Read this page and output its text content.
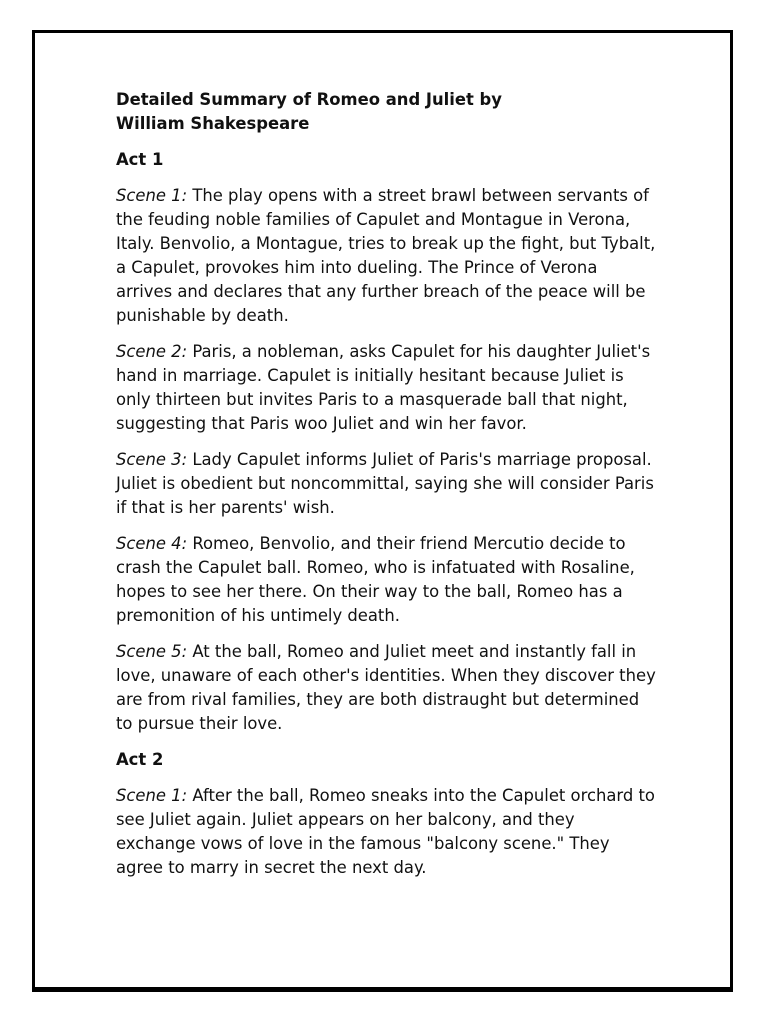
Detailed Summary of Romeo and Juliet by William Shakespeare

Act 1

Scene 1: The play opens with a street brawl between servants of the feuding noble families of Capulet and Montague in Verona, Italy. Benvolio, a Montague, tries to break up the fight, but Tybalt, a Capulet, provokes him into dueling. The Prince of Verona arrives and declares that any further breach of the peace will be punishable by death.

Scene 2: Paris, a nobleman, asks Capulet for his daughter Juliet's hand in marriage. Capulet is initially hesitant because Juliet is only thirteen but invites Paris to a masquerade ball that night, suggesting that Paris woo Juliet and win her favor.

Scene 3: Lady Capulet informs Juliet of Paris's marriage proposal. Juliet is obedient but noncommittal, saying she will consider Paris if that is her parents' wish.

Scene 4: Romeo, Benvolio, and their friend Mercutio decide to crash the Capulet ball. Romeo, who is infatuated with Rosaline, hopes to see her there. On their way to the ball, Romeo has a premonition of his untimely death.

Scene 5: At the ball, Romeo and Juliet meet and instantly fall in love, unaware of each other's identities. When they discover they are from rival families, they are both distraught but determined to pursue their love.

Act 2

Scene 1: After the ball, Romeo sneaks into the Capulet orchard to see Juliet again. Juliet appears on her balcony, and they exchange vows of love in the famous "balcony scene." They agree to marry in secret the next day.
